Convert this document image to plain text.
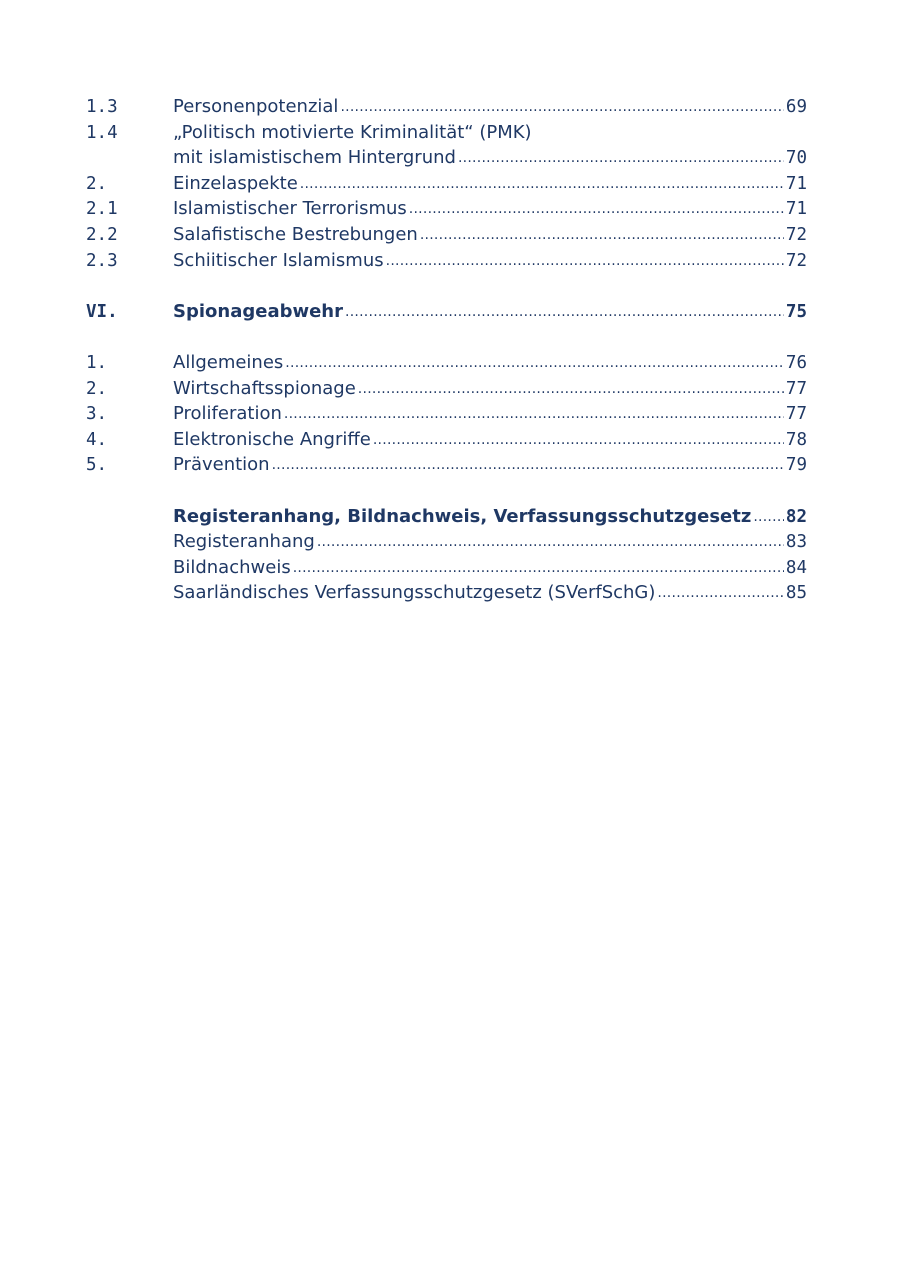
1.3	Personenpotenzial . . .	69
1.4	„Politisch motivierte Kriminalität“ (PMK)
mit islamistischem Hintergrund . . .	70
2.	Einzelaspekte . . .	71
2.1	Islamistischer Terrorismus . . .	71
2.2	Salafistische Bestrebungen . . .	72
2.3	Schiitischer Islamismus . . .	72
VI.	Spionageabwehr . . .	75
1.	Allgemeines . . .	76
2.	Wirtschaftsspionage . . .	77
3.	Proliferation . . .	77
4.	Elektronische Angriffe . . .	78
5.	Prävention . . .	79
Registeranhang, Bildnachweis, Verfassungsschutzgesetz . . . 82
Registeranhang . . .	83
Bildnachweis . . .	84
Saarländisches Verfassungsschutzgesetz (SVerfSchG) . . .	85
